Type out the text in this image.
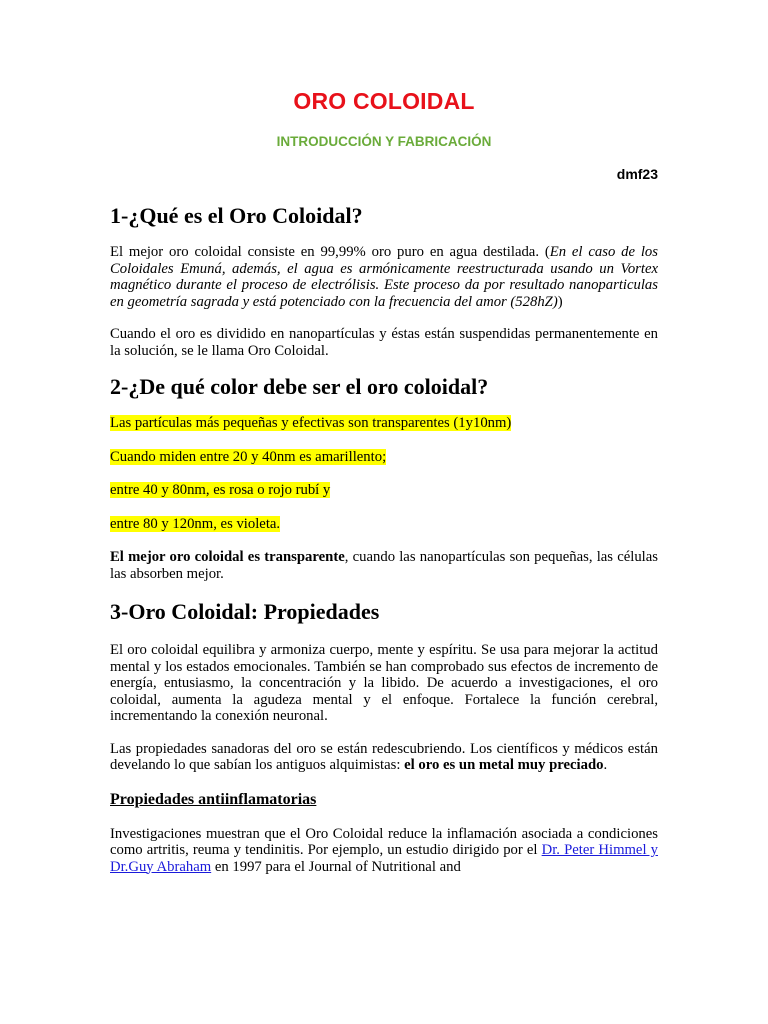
ORO COLOIDAL
INTRODUCCIÓN Y FABRICACIÓN
dmf23
1-¿Qué es el Oro Coloidal?

El mejor oro coloidal consiste en 99,99% oro puro en agua destilada. (En el caso de los Coloidales Emuná, además, el agua es armónicamente reestructurada usando un Vortex magnético durante el proceso de electrólisis. Este proceso da por resultado nanoparticulas en geometría sagrada y está potenciado con la frecuencia del amor (528hZ))

Cuando el oro es dividido en nanopartículas y éstas están suspendidas permanentemente en la solución, se le llama Oro Coloidal.

2-¿De qué color debe ser el oro coloidal?

Las partículas más pequeñas y efectivas son transparentes (1y10nm)

Cuando miden entre 20 y 40nm es amarillento;

entre 40 y 80nm, es rosa o rojo rubí y

entre 80 y 120nm, es violeta.

El mejor oro coloidal es transparente, cuando las nanopartículas son pequeñas, las células las absorben mejor.

3-Oro Coloidal: Propiedades

El oro coloidal equilibra y armoniza cuerpo, mente y espíritu. Se usa para mejorar la actitud mental y los estados emocionales. También se han comprobado sus efectos de incremento de energía, entusiasmo, la concentración y la libido. De acuerdo a investigaciones, el oro coloidal, aumenta la agudeza mental y el enfoque. Fortalece la función cerebral, incrementando la conexión neuronal.

Las propiedades sanadoras del oro se están redescubriendo. Los científicos y médicos están develando lo que sabían los antiguos alquimistas: el oro es un metal muy preciado.

Propiedades antiinflamatorias

Investigaciones muestran que el Oro Coloidal reduce la inflamación asociada a condiciones como artritis, reuma y tendinitis. Por ejemplo, un estudio dirigido por el Dr. Peter Himmel y Dr.Guy Abraham en 1997 para el Journal of Nutritional and
